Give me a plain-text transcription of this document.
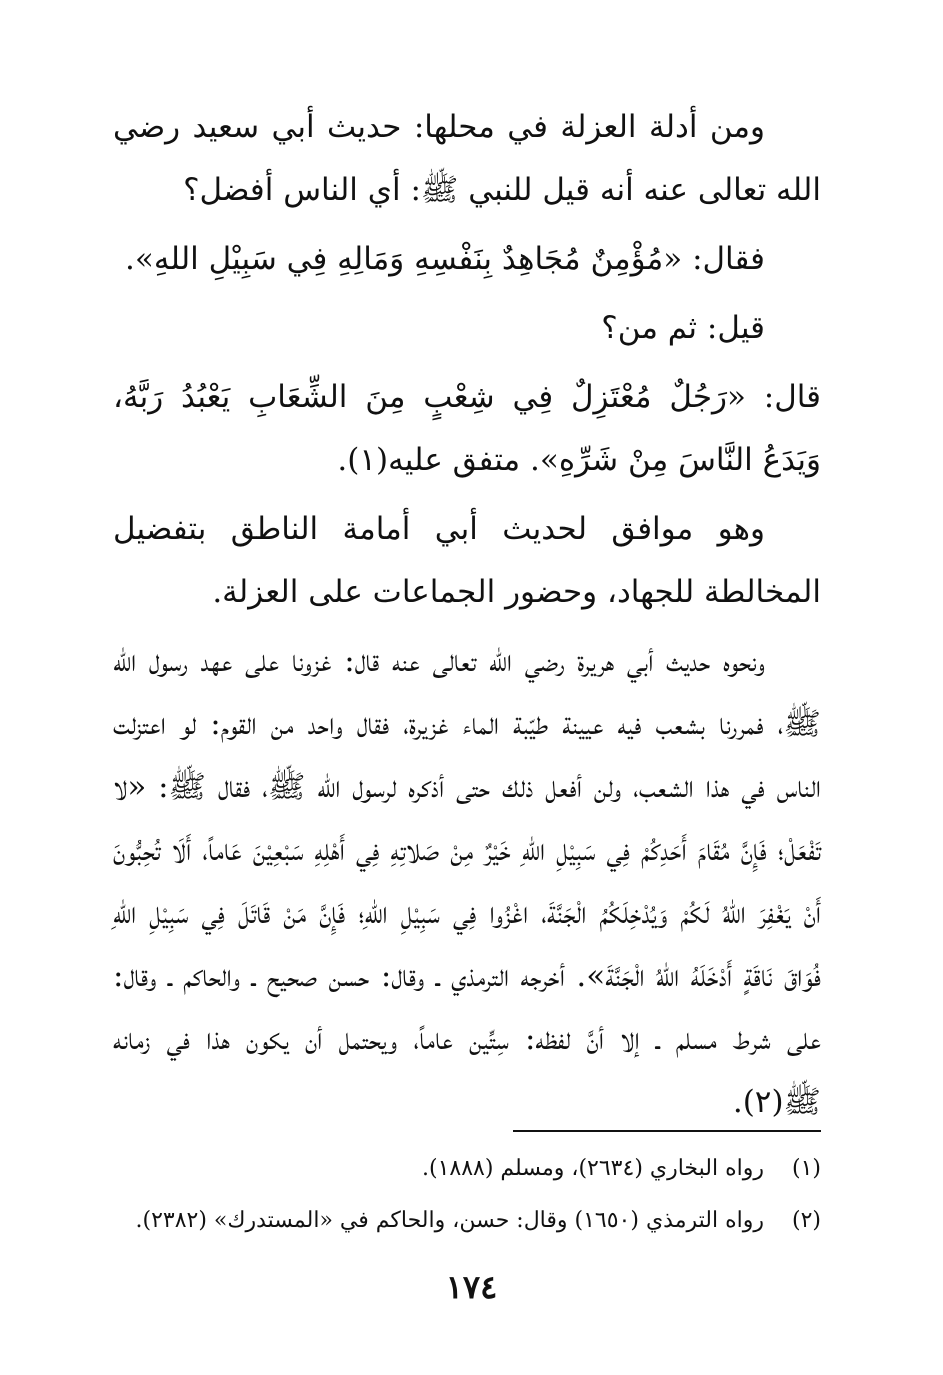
ومن أدلة العزلة في محلها: حديث أبي سعيد رضي الله تعالى عنه أنه قيل للنبي ﷺ: أي الناس أفضل؟

فقال: «مُؤْمِنٌ مُجَاهِدٌ بِنَفْسِهِ وَمَالِهِ فِي سَبِيْلِ اللهِ».

قيل: ثم من؟

قال: «رَجُلٌ مُعْتَزِلٌ فِي شِعْبٍ مِنَ الشِّعَابِ يَعْبُدُ رَبَّهُ، وَيَدَعُ النَّاسَ مِنْ شَرِّهِ». متفق عليه(١).

وهو موافق لحديث أبي أمامة الناطق بتفضيل المخالطة للجهاد، وحضور الجماعات على العزلة.

ونحوه حديث أبي هريرة رضي الله تعالى عنه قال: غزونا على عهد رسول الله ﷺ، فمررنا بشعب فيه عيينة طيّبة الماء غزيرة، فقال واحد من القوم: لو اعتزلت الناس في هذا الشعب، ولن أفعل ذلك حتى أذكره لرسول الله ﷺ، فقال ﷺ: «لا تَفْعَلْ؛ فَإِنَّ مُقَامَ أَحَدِكُمْ فِي سَبِيْلِ اللهِ خَيْرٌ مِنْ صَلاتِهِ فِي أَهْلِهِ سَبْعِيْنَ عَاماً، أَلَا تُحِبُّونَ أَنْ يَغْفِرَ اللهُ لَكُمْ وَيُدْخِلَكُمُ الْجَنَّةَ، اغْزُوا فِي سَبِيْلِ اللهِ؛ فَإِنَّ مَنْ قَاتَلَ فِي سَبِيْلِ اللهِ فُوَاقَ نَاقَةٍ أَدْخَلَهُ اللهُ الْجَنَّةَ». أخرجه الترمذي ـ وقال: حسن صحيح ـ والحاكم ـ وقال: على شرط مسلم ـ إلا أنَّ لفظه: سِتِّين عاماً، ويحتمل أن يكون هذا في زمانه ﷺ(٢).

(١)رواه البخاري (٢٦٣٤)، ومسلم (١٨٨٨).

(٢)رواه الترمذي (١٦٥٠) وقال: حسن، والحاكم في «المستدرك» (٢٣٨٢).

١٧٤
